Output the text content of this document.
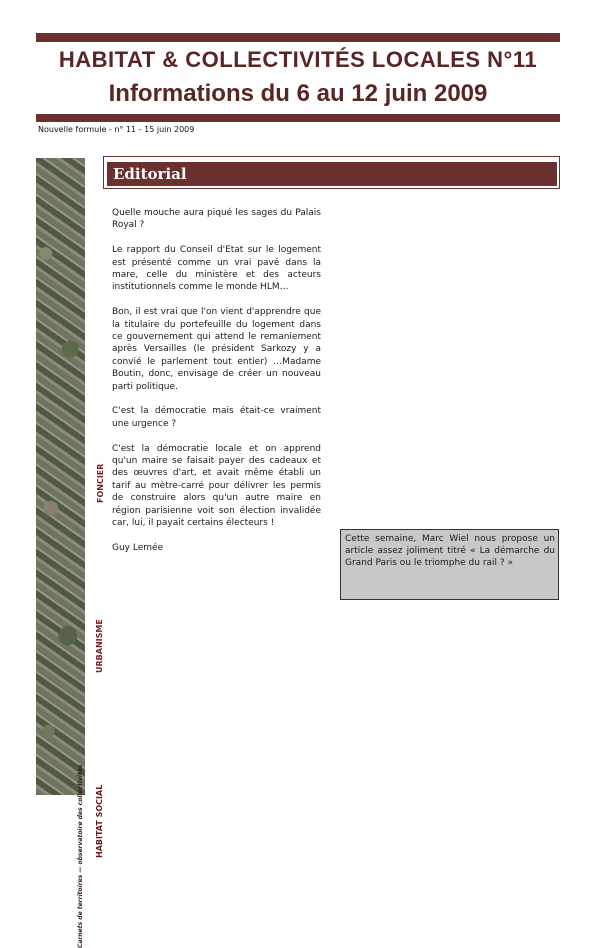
HABITAT & COLLECTIVITÉS LOCALES N°11
Informations du 6 au 12 juin 2009
Nouvelle formule - n° 11 - 15 juin 2009
FONCIER
URBANISME
HABITAT SOCIAL
Carnets de territoires — observatoire des collectivités
Editorial

Quelle mouche aura piqué les sages du Palais Royal ?

Le rapport du Conseil d'Etat sur le logement est présenté comme un vrai pavé dans la mare, celle du ministère et des acteurs institutionnels comme le monde HLM…

Bon, il est vrai que l'on vient d'apprendre que la titulaire du portefeuille du logement dans ce gouvernement qui attend le remaniement après Versailles (le président Sarkozy y a convié le parlement tout entier) …Madame Boutin, donc, envisage de créer un nouveau parti politique.

C'est la démocratie mais était-ce vraiment une urgence ?

C'est la démocratie locale et on apprend qu'un maire se faisait payer des cadeaux et des œuvres d'art, et avait même établi un tarif au mètre-carré pour délivrer les permis de construire alors qu'un autre maire en région parisienne voit son élection invalidée car, lui, il payait certains électeurs !

Guy Lemée

Cette semaine, Marc Wiel nous propose un article assez joliment titré « La démarche du Grand Paris ou le triomphe du rail ? »
